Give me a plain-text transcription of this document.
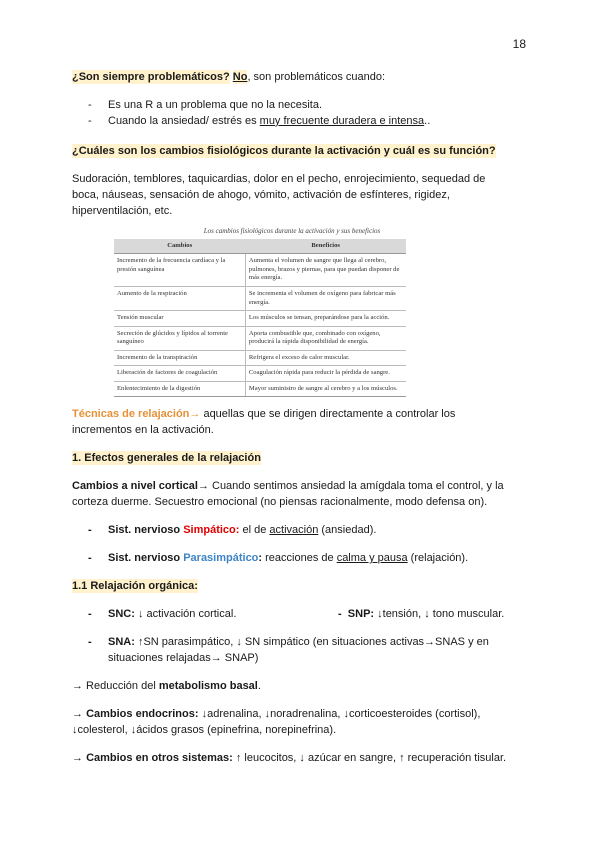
18

¿Son siempre problemáticos? No, son problemáticos cuando:

-	Es una R a un problema que no la necesita.
-	Cuando la ansiedad/ estrés es muy frecuente duradera e intensa..

¿Cuáles son los cambios fisiológicos durante la activación y cuál es su función?

Sudoración, temblores, taquicardias, dolor en el pecho, enrojecimiento, sequedad de boca, náuseas, sensación de ahogo, vómito, activación de esfínteres, rigidez, hiperventilación, etc.

Los cambios fisiológicos durante la activación y sus beneficios
Cambios	Beneficios
Incremento de la frecuencia cardíaca y la presión sanguínea	Aumenta el volumen de sangre que llega al cerebro, pulmones, brazos y piernas, para que puedan disponer de más energía.
Aumento de la respiración	Se incrementa el volumen de oxígeno para fabricar más energía.
Tensión muscular	Los músculos se tensan, preparándose para la acción.
Secreción de glúcidos y lípidos al torrente sanguíneo	Aporta combustible que, combinado con oxígeno, producirá la rápida disponibilidad de energía.
Incremento de la transpiración	Refrigera el exceso de calor muscular.
Liberación de factores de coagulación	Coagulación rápida para reducir la pérdida de sangre.
Enlentecimiento de la digestión	Mayor suministro de sangre al cerebro y a los músculos.

Técnicas de relajación→ aquellas que se dirigen directamente a controlar los incrementos en la activación.

1. Efectos generales de la relajación

Cambios a nivel cortical→ Cuando sentimos ansiedad la amígdala toma el control, y la corteza duerme. Secuestro emocional (no piensas racionalmente, modo defensa on).

-	Sist. nervioso Simpático: el de activación (ansiedad).
-	Sist. nervioso Parasimpático: reacciones de calma y pausa (relajación).

1.1 Relajación orgánica:

-	SNC: ↓ activación cortical.	- SNP: ↓tensión, ↓ tono muscular.
-	SNA: ↑SN parasimpático, ↓ SN simpático (en situaciones activas→SNAS y en situaciones relajadas→ SNAP)

→ Reducción del metabolismo basal.

→ Cambios endocrinos: ↓adrenalina, ↓noradrenalina, ↓corticoesteroides (cortisol), ↓colesterol, ↓ácidos grasos (epinefrina, norepinefrina).

→ Cambios en otros sistemas: ↑ leucocitos, ↓ azúcar en sangre, ↑ recuperación tisular.
